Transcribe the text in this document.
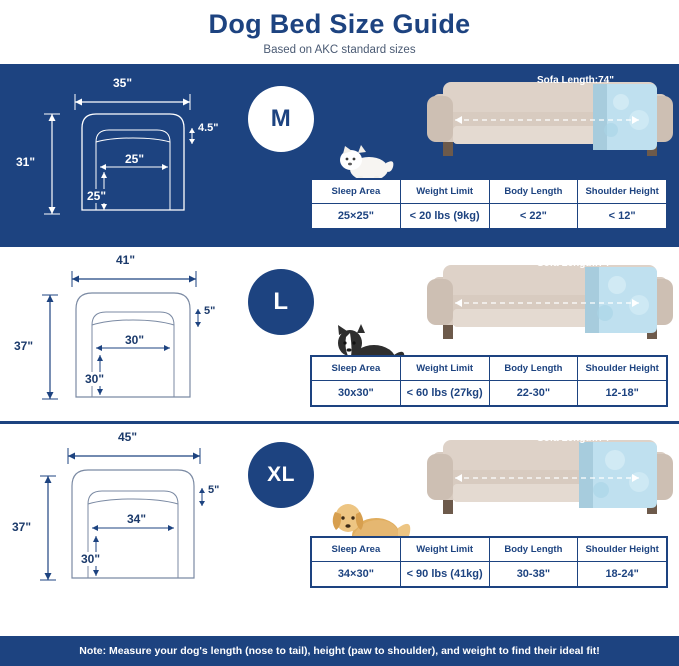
Dog Bed Size Guide
Based on AKC standard sizes
35"
31"	25"
25"
4.5"	M
Sofa Length:74"
Sleep Area	Weight Limit	Body Length	Shoulder Height
25×25"	< 20 lbs (9kg)	< 22"	< 12"
41"
37"	30"
30"
5"	L
Sofa Length:74"
Sleep Area	Weight Limit	Body Length	Shoulder Height
30x30"	< 60 lbs (27kg)	22-30"	12-18"
45"
37"
34"
30"
5"
XL
Sofa Length:74"
Sleep Area	Weight Limit	Body Length	Shoulder Height
34×30"	< 90 lbs (41kg)	30-38"	18-24"
Note: Measure your dog's length (nose to tail), height (paw to shoulder), and weight to find their ideal fit!
